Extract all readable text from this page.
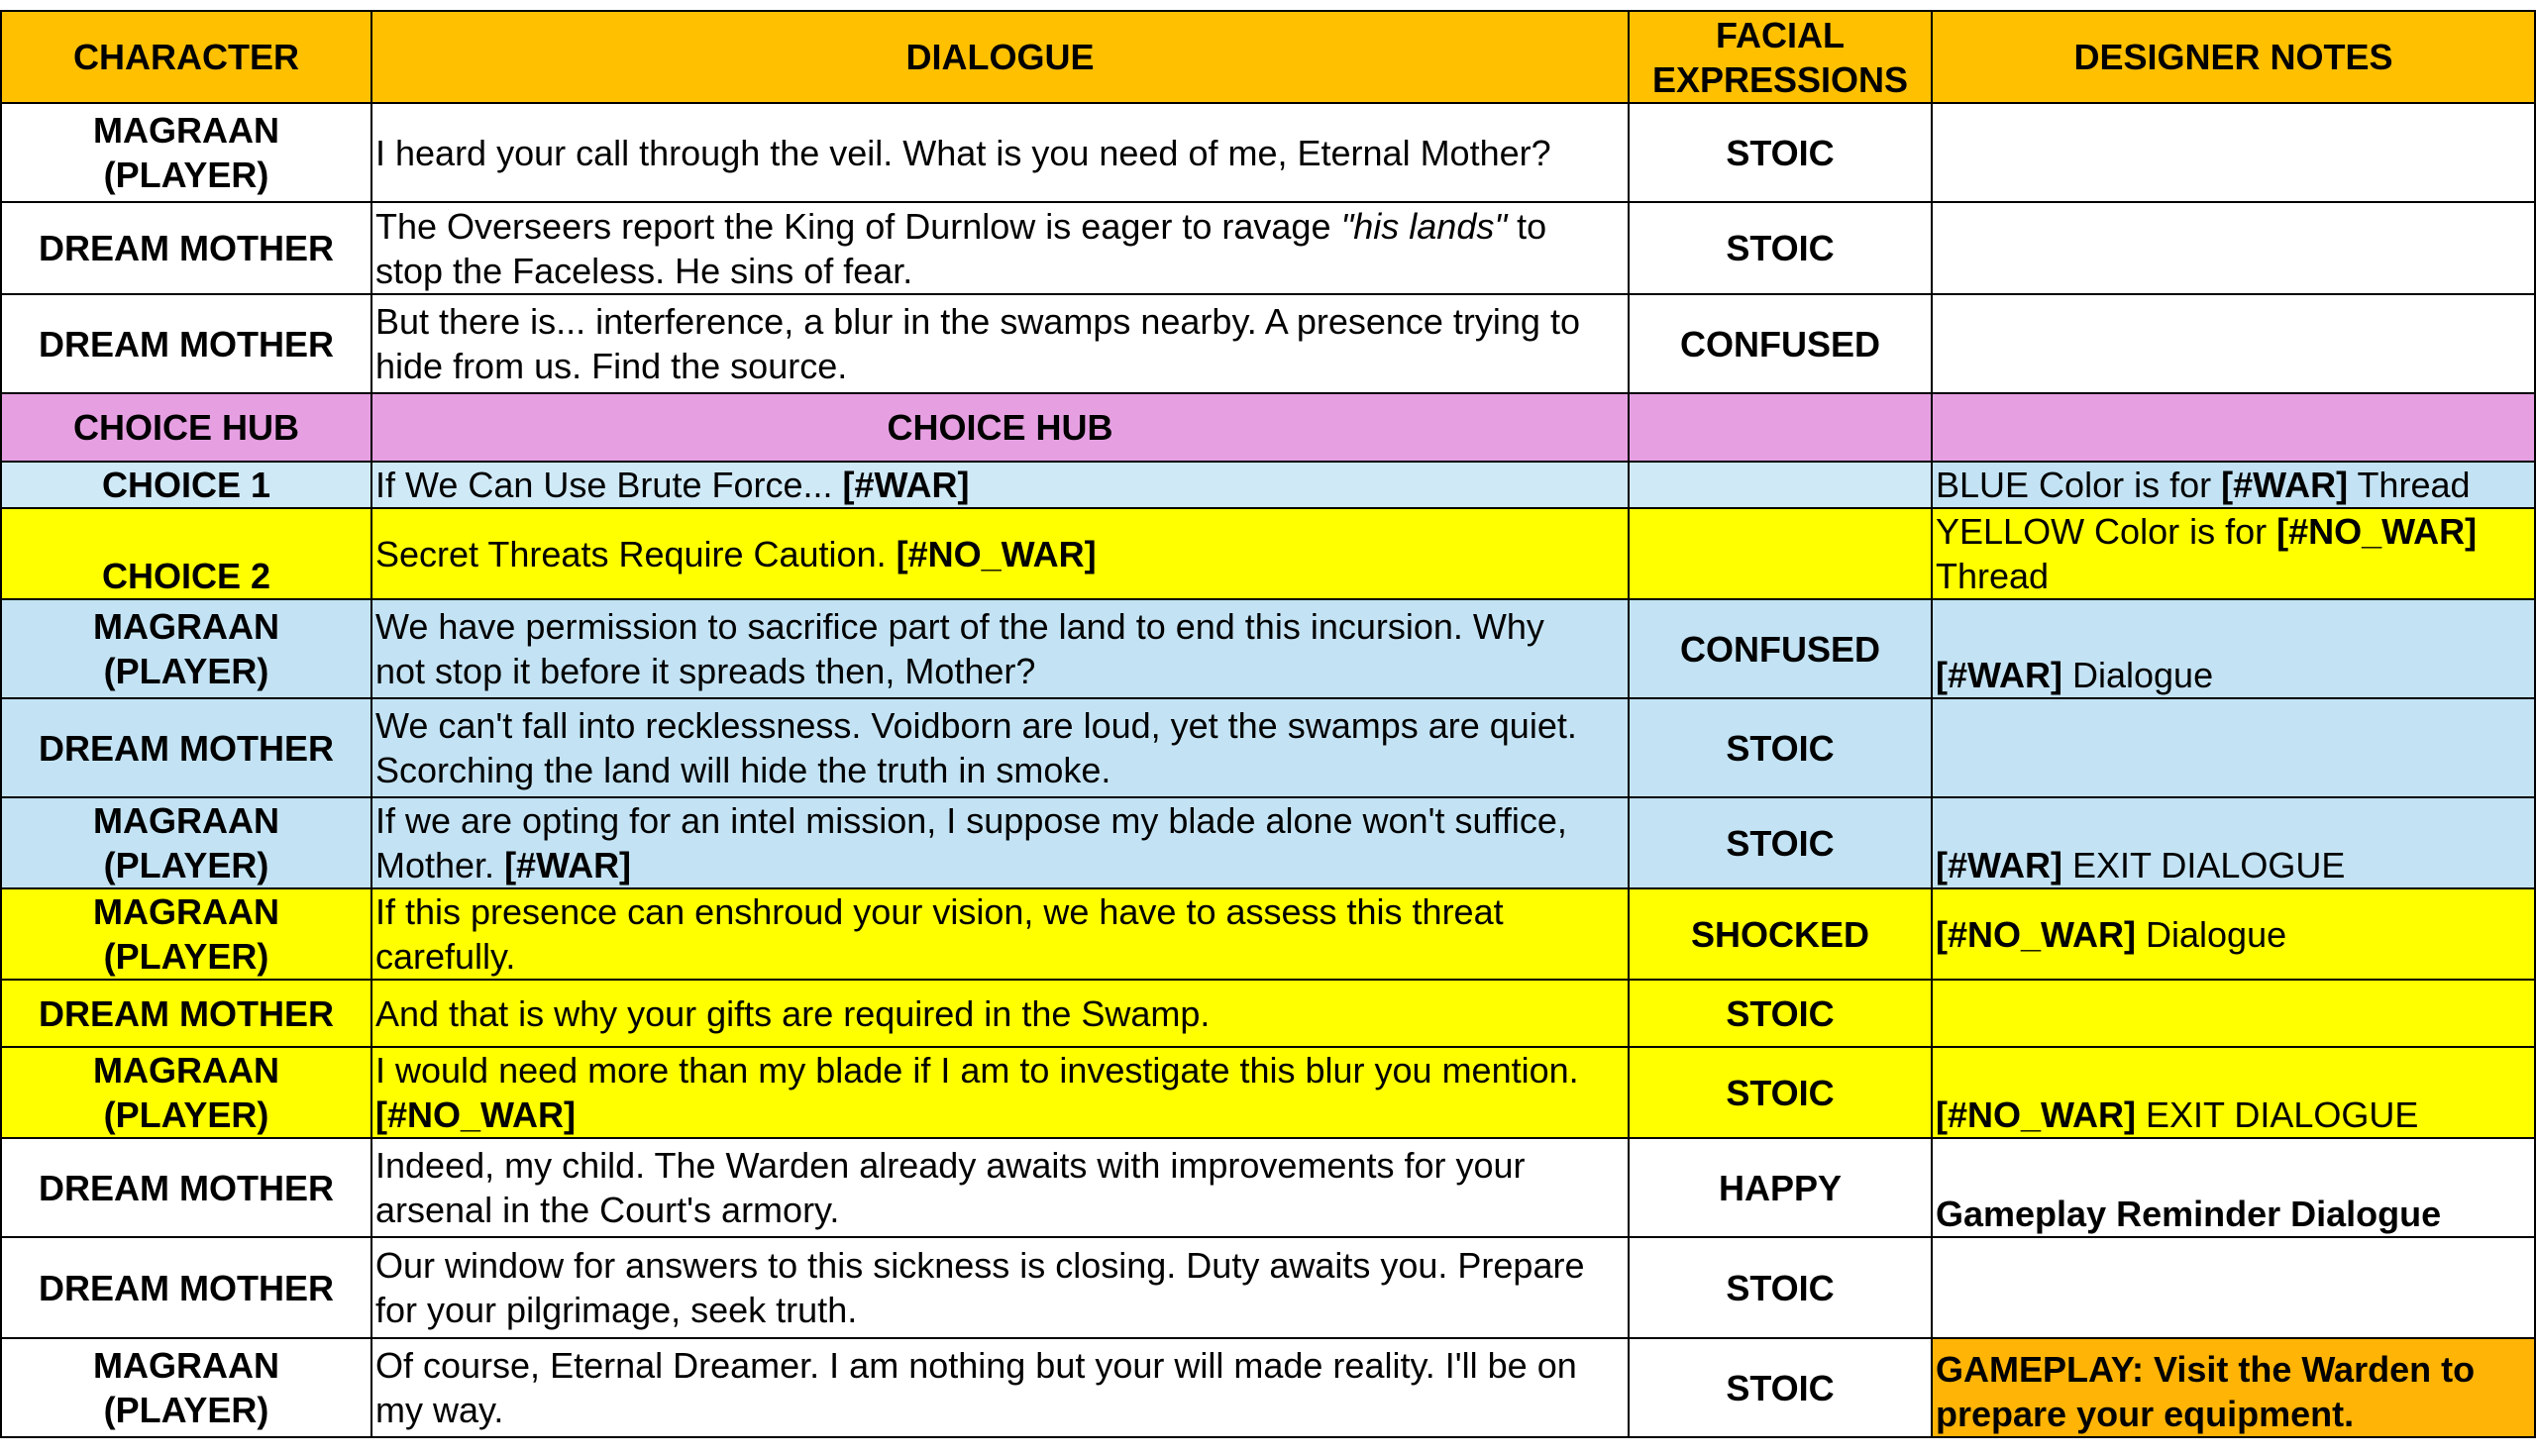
CHARACTER	DIALOGUE	FACIAL
EXPRESSIONS	DESIGNER NOTES
MAGRAAN
(PLAYER)	I heard your call through the veil. What is you need of me, Eternal Mother?	STOIC	
DREAM MOTHER	The Overseers report the King of Durnlow is eager to ravage "his lands" to
stop the Faceless. He sins of fear.	STOIC	
DREAM MOTHER	But there is... interference, a blur in the swamps nearby. A presence trying to
hide from us. Find the source.	CONFUSED	
CHOICE HUB	CHOICE HUB		
CHOICE 1	If We Can Use Brute Force... [#WAR]		BLUE Color is for [#WAR] Thread
CHOICE 2	Secret Threats Require Caution. [#NO_WAR]		YELLOW Color is for [#NO_WAR]
Thread
MAGRAAN
(PLAYER)	We have permission to sacrifice part of the land to end this incursion. Why
not stop it before it spreads then, Mother?	CONFUSED	[#WAR] Dialogue
DREAM MOTHER	We can't fall into recklessness. Voidborn are loud, yet the swamps are quiet.
Scorching the land will hide the truth in smoke.	STOIC	
MAGRAAN
(PLAYER)	If we are opting for an intel mission, I suppose my blade alone won't suffice,
Mother. [#WAR]	STOIC	[#WAR] EXIT DIALOGUE
MAGRAAN
(PLAYER)	If this presence can enshroud your vision, we have to assess this threat
carefully.	SHOCKED	[#NO_WAR] Dialogue
DREAM MOTHER	And that is why your gifts are required in the Swamp.	STOIC	
MAGRAAN
(PLAYER)	I would need more than my blade if I am to investigate this blur you mention.
[#NO_WAR]	STOIC	[#NO_WAR] EXIT DIALOGUE
DREAM MOTHER	Indeed, my child. The Warden already awaits with improvements for your
arsenal in the Court's armory.	HAPPY	Gameplay Reminder Dialogue
DREAM MOTHER	Our window for answers to this sickness is closing. Duty awaits you. Prepare
for your pilgrimage, seek truth.	STOIC	
MAGRAAN
(PLAYER)	Of course, Eternal Dreamer. I am nothing but your will made reality. I'll be on
my way.	STOIC	GAMEPLAY: Visit the Warden to
prepare your equipment.
